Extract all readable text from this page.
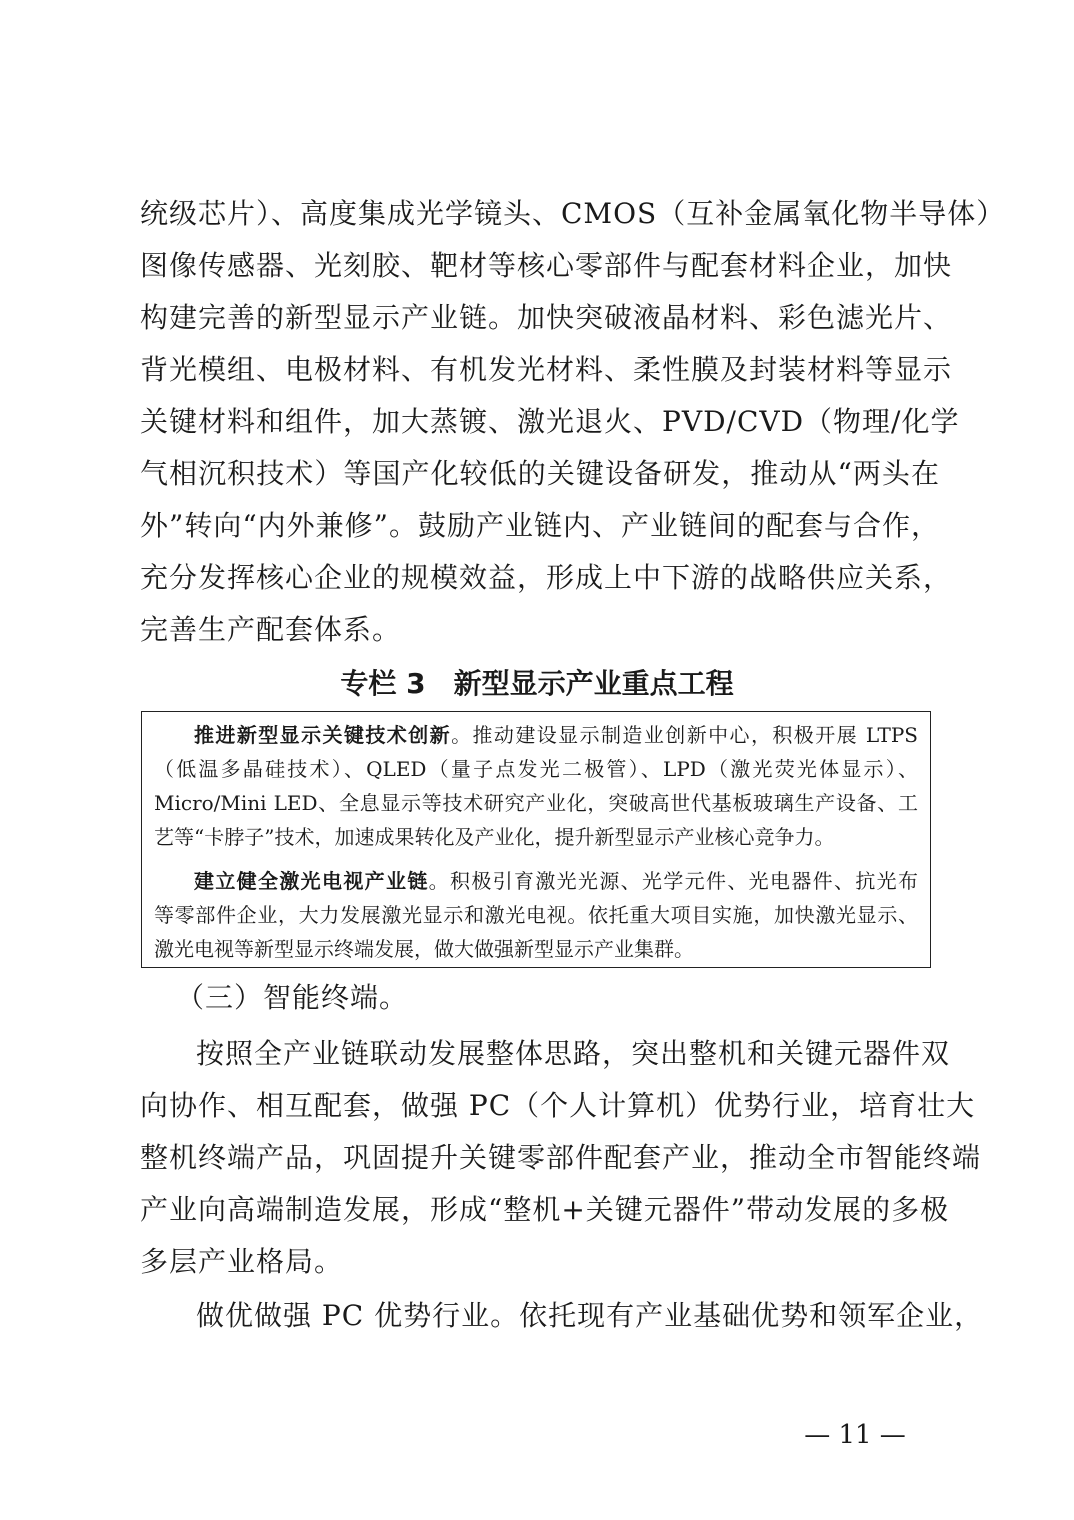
统级芯片）、高度集成光学镜头、CMOS（互补金属氧化物半导体）
图像传感器、光刻胶、靶材等核心零部件与配套材料企业，加快
构建完善的新型显示产业链。加快突破液晶材料、彩色滤光片、
背光模组、电极材料、有机发光材料、柔性膜及封装材料等显示
关键材料和组件，加大蒸镀、激光退火、PVD/CVD（物理/化学
气相沉积技术）等国产化较低的关键设备研发，推动从“两头在
外”转向“内外兼修”。鼓励产业链内、产业链间的配套与合作，
充分发挥核心企业的规模效益，形成上中下游的战略供应关系，
完善生产配套体系。
专栏 3　新型显示产业重点工程
推进新型显示关键技术创新。推动建设显示制造业创新中心，积极开展 LTPS
（低温多晶硅技术）、QLED（量子点发光二极管）、LPD（激光荧光体显示）、
Micro/Mini LED、全息显示等技术研究产业化，突破高世代基板玻璃生产设备、工
艺等“卡脖子”技术，加速成果转化及产业化，提升新型显示产业核心竞争力。
建立健全激光电视产业链。积极引育激光光源、光学元件、光电器件、抗光布
等零部件企业，大力发展激光显示和激光电视。依托重大项目实施，加快激光显示、
激光电视等新型显示终端发展，做大做强新型显示产业集群。
（三）智能终端。
按照全产业链联动发展整体思路，突出整机和关键元器件双
向协作、相互配套，做强 PC（个人计算机）优势行业，培育壮大
整机终端产品，巩固提升关键零部件配套产业，推动全市智能终端
产业向高端制造发展，形成“整机+关键元器件”带动发展的多极
多层产业格局。
做优做强 PC 优势行业。依托现有产业基础优势和领军企业，
— 11 —
